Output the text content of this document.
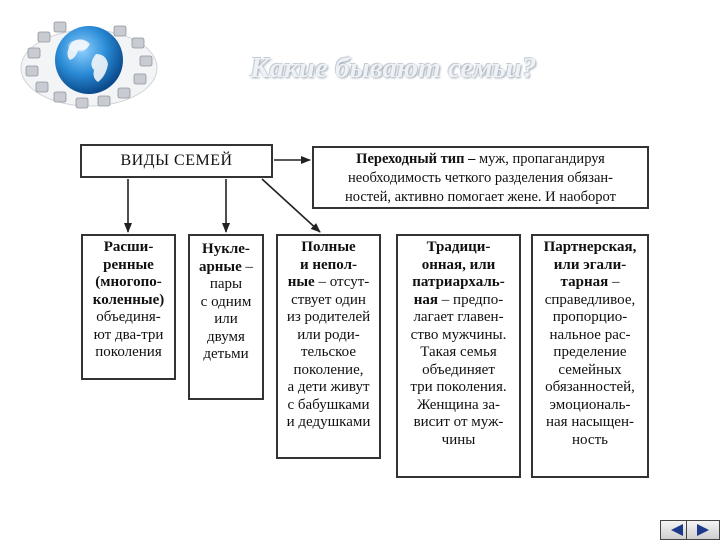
Какие бывают семьи?
ВИДЫ СЕМЕЙ	Переходный тип – муж, пропагандируя
необходимость четкого разделения обязан-
ностей, активно помогает жене. И наоборот
Расши-
ренные
(многопо-
коленные)
объединя-
ют два-три
поколения
Нукле-
арные –
пары
с одним
или
двумя
детьми
Полные
и непол-
ные – отсут-
ствует один
из родителей
или роди-
тельское
поколение,
а дети живут
с бабушками
и дедушками
Традици-
онная, или
патриархаль-
ная – предпо-
лагает главен-
ство мужчины.
Такая семья
объединяет
три поколения.
Женщина за-
висит от муж-
чины
Партнерская,
или эгали-
тарная –
справедливое,
пропорцио-
нальное рас-
пределение
семейных
обязанностей,
эмоциональ-
ная насыщен-
ность
